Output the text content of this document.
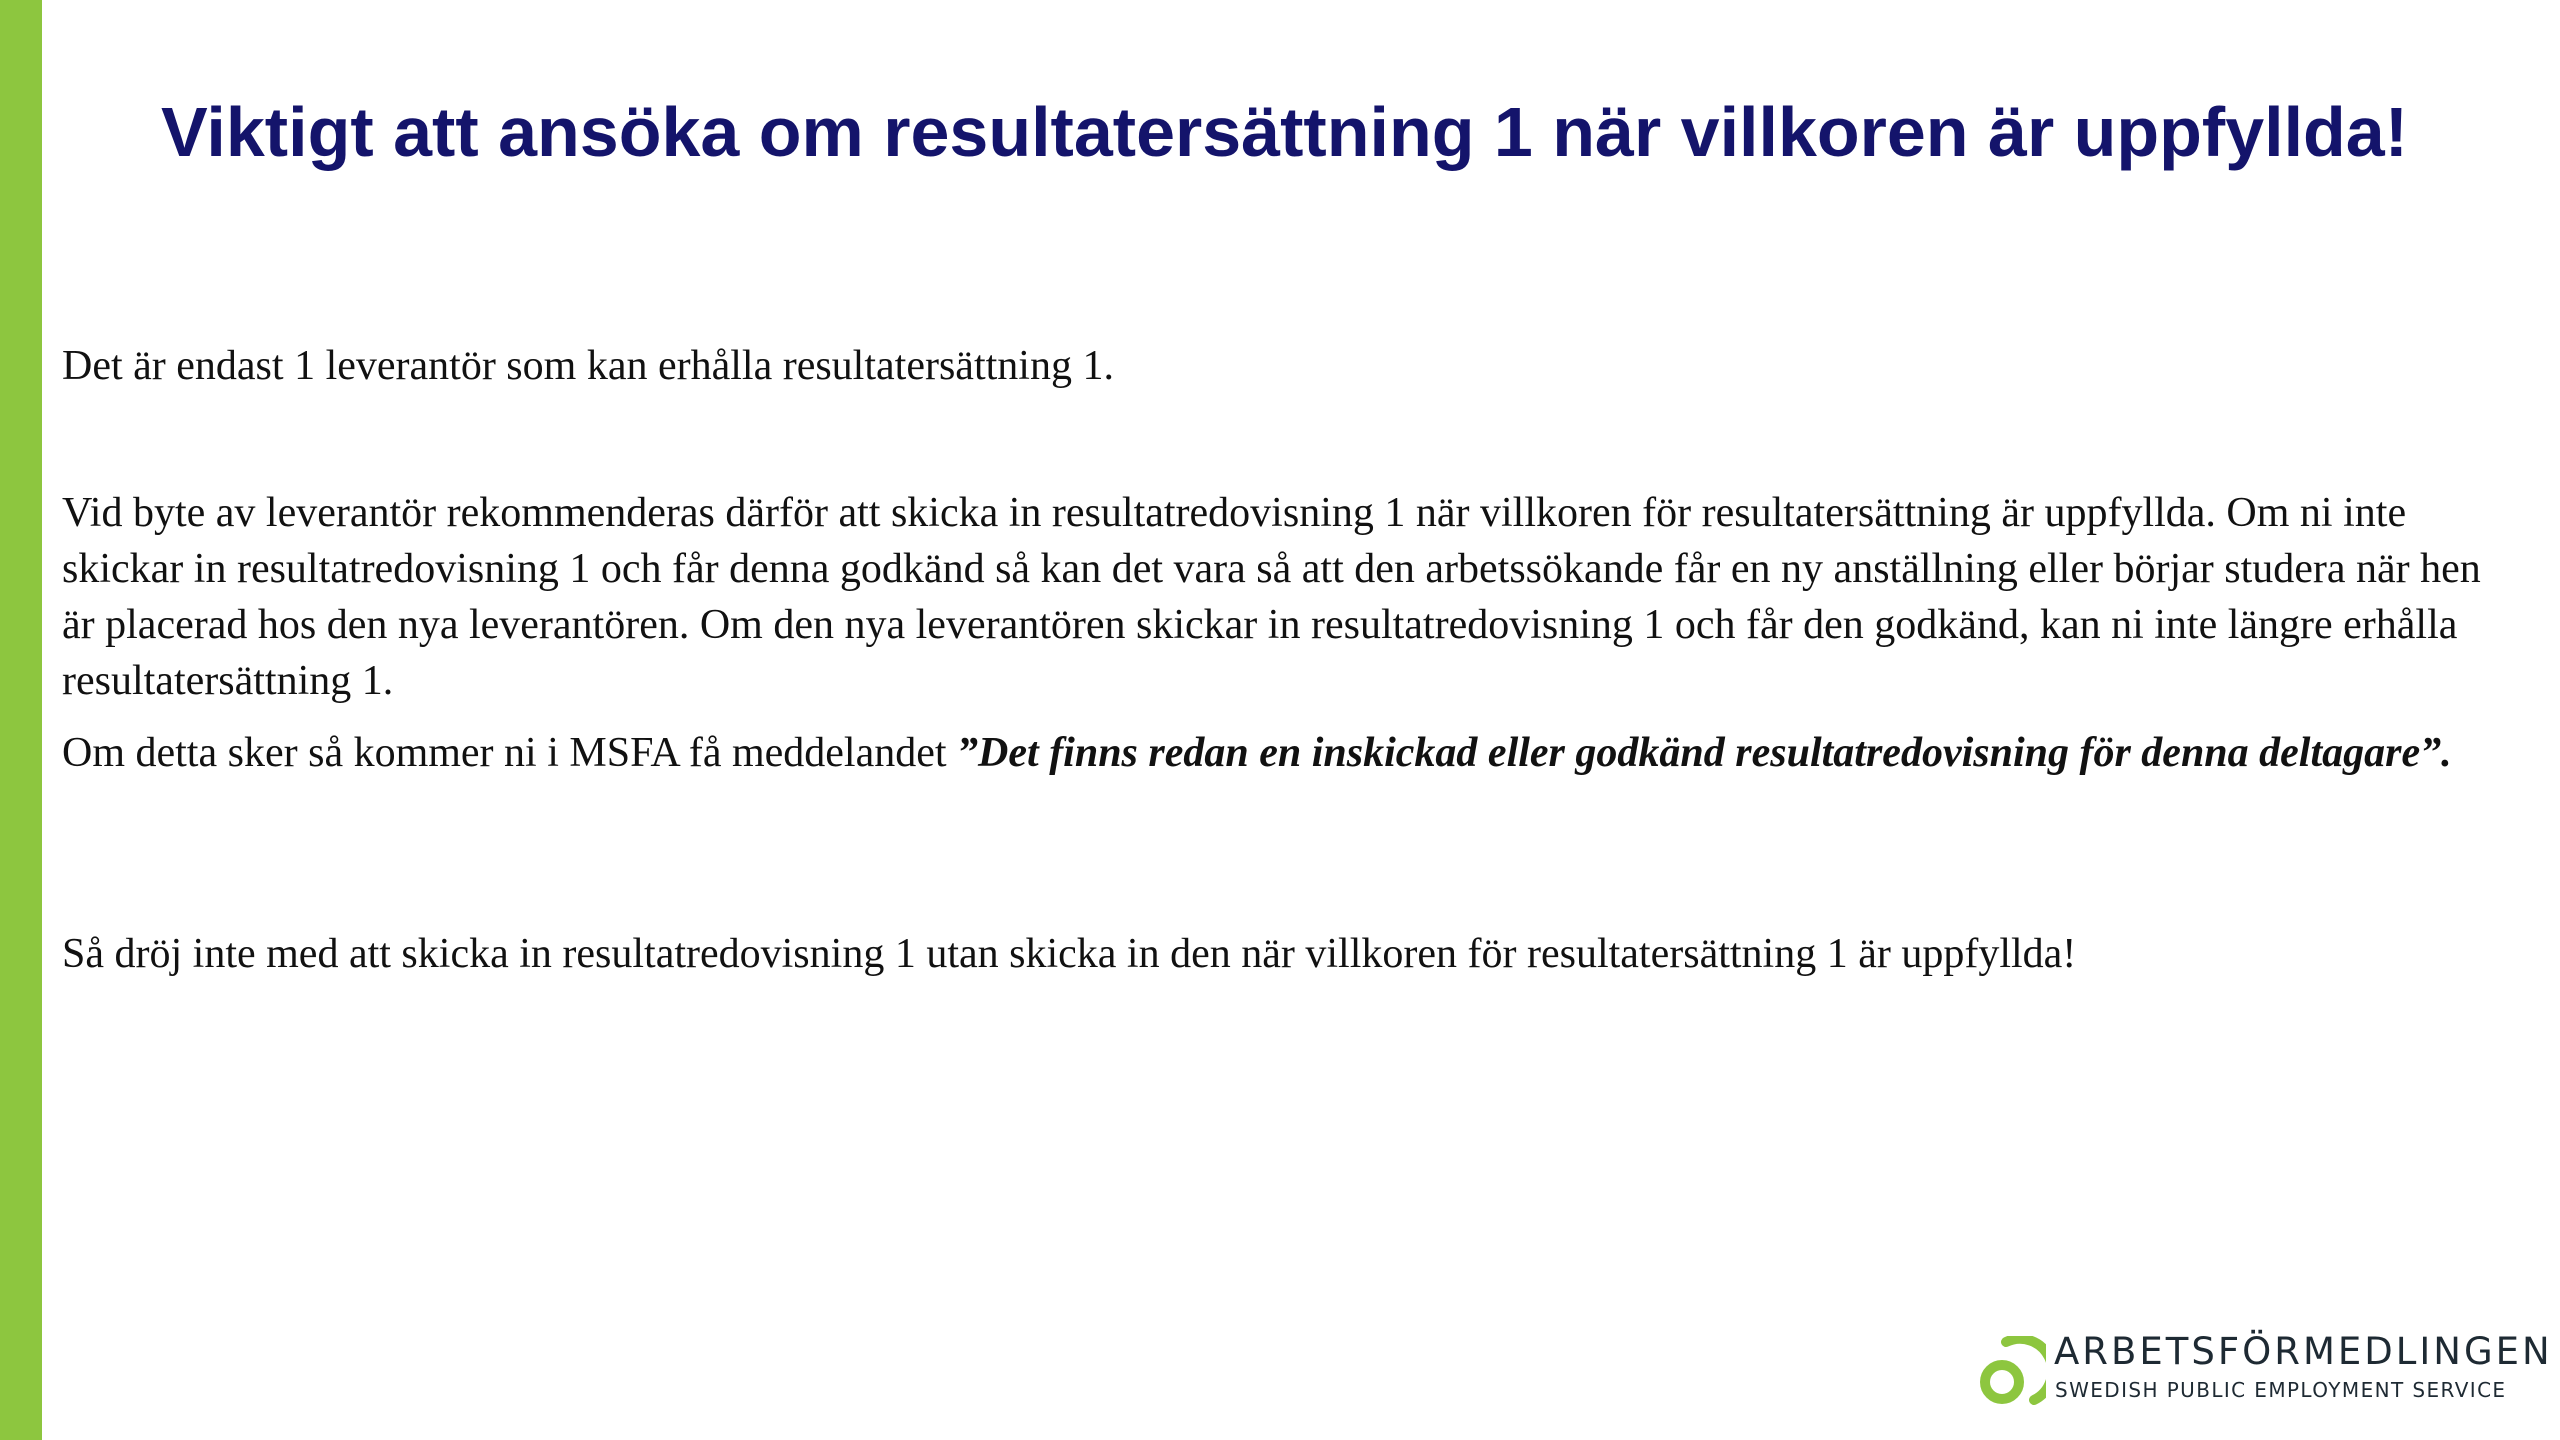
Viktigt att ansöka om resultatersättning 1 när villkoren är uppfyllda!

Det är endast 1 leverantör som kan erhålla resultatersättning 1.

Vid byte av leverantör rekommenderas därför att skicka in resultatredovisning 1 när villkoren för resultatersättning är uppfyllda. Om ni inte skickar in resultatredovisning 1 och får denna godkänd så kan det vara så att den arbetssökande får en ny anställning eller börjar studera när hen är placerad hos den nya leverantören. Om den nya leverantören skickar in resultatredovisning 1 och får den godkänd, kan ni inte längre erhålla resultatersättning 1.

Om detta sker så kommer ni i MSFA få meddelandet ”Det finns redan en inskickad eller godkänd resultatredovisning för denna deltagare”.

Så dröj inte med att skicka in resultatredovisning 1 utan skicka in den när villkoren för resultatersättning 1 är uppfyllda!

ARBETSFÖRMEDLINGEN
SWEDISH PUBLIC EMPLOYMENT SERVICE
